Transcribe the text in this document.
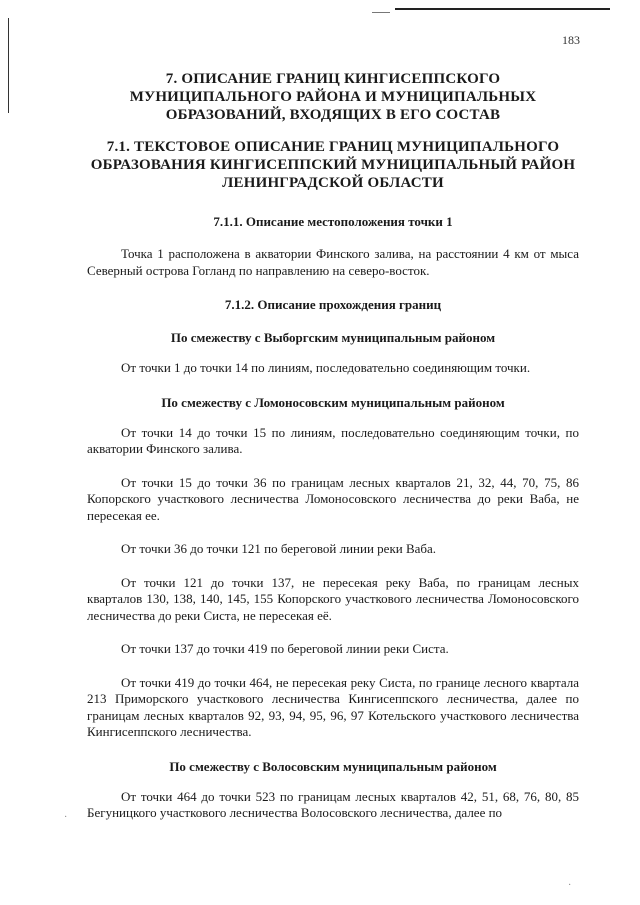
183
7. ОПИСАНИЕ ГРАНИЦ КИНГИСЕППСКОГО МУНИЦИПАЛЬНОГО РАЙОНА И МУНИЦИПАЛЬНЫХ ОБРАЗОВАНИЙ, ВХОДЯЩИХ В ЕГО СОСТАВ
7.1. ТЕКСТОВОЕ ОПИСАНИЕ ГРАНИЦ МУНИЦИПАЛЬНОГО ОБРАЗОВАНИЯ КИНГИСЕППСКИЙ МУНИЦИПАЛЬНЫЙ РАЙОН ЛЕНИНГРАДСКОЙ ОБЛАСТИ
7.1.1. Описание местоположения точки 1
Точка 1 расположена в акватории Финского залива, на расстоянии 4 км от мыса Северный острова Гогланд по направлению на северо-восток.
7.1.2. Описание прохождения границ
По смежеству с Выборгским муниципальным районом
От точки 1 до точки 14 по линиям, последовательно соединяющим точки.
По смежеству с Ломоносовским муниципальным районом
От точки 14 до точки 15 по линиям, последовательно соединяющим точки, по акватории Финского залива.
От точки 15 до точки 36 по границам лесных кварталов 21, 32, 44, 70, 75, 86 Копорского участкового лесничества Ломоносовского лесничества до реки Ваба, не пересекая ее.
От точки 36 до точки 121 по береговой линии реки Ваба.
От точки 121 до точки 137, не пересекая реку Ваба, по границам лесных кварталов 130, 138, 140, 145, 155 Копорского участкового лесничества Ломоносовского лесничества до реки Систа, не пересекая её.
От точки 137 до точки 419 по береговой линии реки Систа.
От точки 419 до точки 464, не пересекая реку Систа, по границе лесного квартала 213 Приморского участкового лесничества Кингисеппского лесничества, далее по границам лесных кварталов 92, 93, 94, 95, 96, 97 Котельского участкового лесничества Кингисеппского лесничества.
По смежеству с Волосовским муниципальным районом
От точки 464 до точки 523 по границам лесных кварталов 42, 51, 68, 76, 80, 85 Бегуницкого участкового лесничества Волосовского лесничества, далее по
·
·
